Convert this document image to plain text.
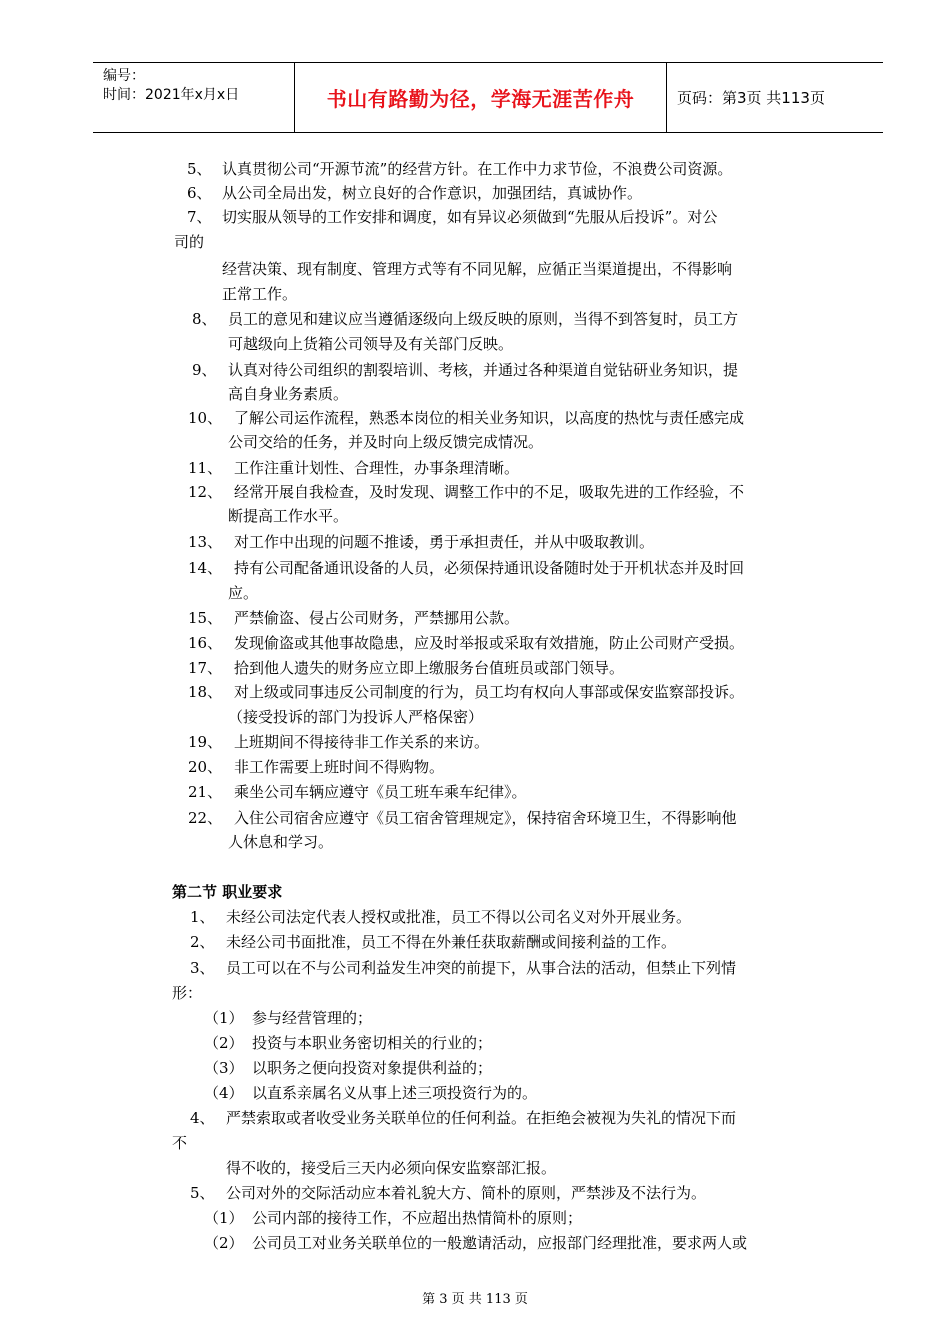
编号：
时间：2021年x月x日	书山有路勤为径，学海无涯苦作舟	页码：第3页 共113页
5、 认真贯彻公司“开源节流”的经营方针。在工作中力求节俭，不浪费公司资源。
6、 从公司全局出发，树立良好的合作意识，加强团结，真诚协作。
7、 切实服从领导的工作安排和调度，如有异议必须做到“先服从后投诉”。对公
司的
经营决策、现有制度、管理方式等有不同见解，应循正当渠道提出，不得影响
正常工作。
8、 员工的意见和建议应当遵循逐级向上级反映的原则，当得不到答复时，员工方
可越级向上货箱公司领导及有关部门反映。
9、 认真对待公司组织的割裂培训、考核，并通过各种渠道自觉钻研业务知识，提
高自身业务素质。
10、 了解公司运作流程，熟悉本岗位的相关业务知识，以高度的热忱与责任感完成
公司交给的任务，并及时向上级反馈完成情况。
11、 工作注重计划性、合理性，办事条理清晰。
12、 经常开展自我检查，及时发现、调整工作中的不足，吸取先进的工作经验，不
断提高工作水平。
13、 对工作中出现的问题不推诿，勇于承担责任，并从中吸取教训。
14、 持有公司配备通讯设备的人员，必须保持通讯设备随时处于开机状态并及时回
应。
15、 严禁偷盗、侵占公司财务，严禁挪用公款。
16、 发现偷盗或其他事故隐患，应及时举报或采取有效措施，防止公司财产受损。
17、 拾到他人遗失的财务应立即上缴服务台值班员或部门领导。
18、 对上级或同事违反公司制度的行为，员工均有权向人事部或保安监察部投诉。
（接受投诉的部门为投诉人严格保密）
19、 上班期间不得接待非工作关系的来访。
20、 非工作需要上班时间不得购物。
21、 乘坐公司车辆应遵守《员工班车乘车纪律》。
22、 入住公司宿舍应遵守《员工宿舍管理规定》，保持宿舍环境卫生，不得影响他
人休息和学习。
第二节 职业要求
1、 未经公司法定代表人授权或批准，员工不得以公司名义对外开展业务。
2、 未经公司书面批准，员工不得在外兼任获取薪酬或间接利益的工作。
3、 员工可以在不与公司利益发生冲突的前提下，从事合法的活动，但禁止下列情
形：
（1） 参与经营管理的；
（2） 投资与本职业务密切相关的行业的；
（3） 以职务之便向投资对象提供利益的；
（4） 以直系亲属名义从事上述三项投资行为的。
4、 严禁索取或者收受业务关联单位的任何利益。在拒绝会被视为失礼的情况下而
不
得不收的，接受后三天内必须向保安监察部汇报。
5、 公司对外的交际活动应本着礼貌大方、简朴的原则，严禁涉及不法行为。
（1） 公司内部的接待工作，不应超出热情简朴的原则；
（2） 公司员工对业务关联单位的一般邀请活动，应报部门经理批准，要求两人或
第 3 页 共 113 页
